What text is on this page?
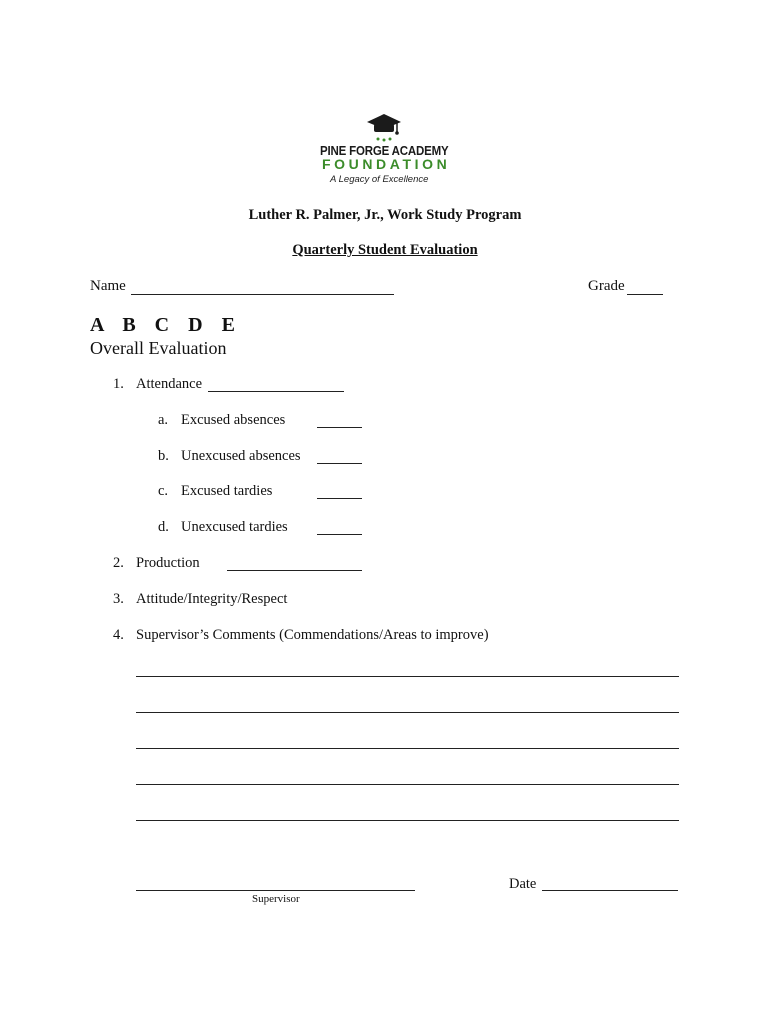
PINE FORGE ACADEMY
FOUNDATION
A Legacy of Excellence
Luther R. Palmer, Jr., Work Study Program
Quarterly Student Evaluation
Name	Grade
A B C D E
Overall Evaluation
1. Attendance
a. Excused absences
b. Unexcused absences
c. Excused tardies
d. Unexcused tardies
2. Production
3. Attitude/Integrity/Respect
4. Supervisor’s Comments (Commendations/Areas to improve)
Supervisor
Date
